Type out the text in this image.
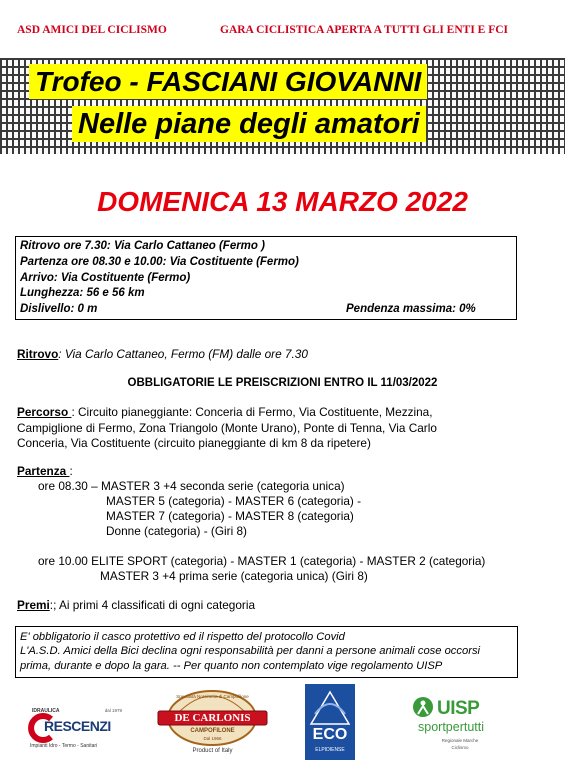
ASD AMICI DEL CICLISMO	GARA CICLISTICA APERTA A TUTTI GLI ENTI E FCI
Trofeo - FASCIANI GIOVANNI
Nelle piane degli amatori
DOMENICA 13 MARZO 2022
Ritrovo ore 7.30: Via Carlo Cattaneo (Fermo )
Partenza ore 08.30 e 10.00: Via Costituente (Fermo)
Arrivo: Via Costituente (Fermo)
Lunghezza: 56 e 56 km
Dislivello: 0 m	Pendenza massima: 0%
Ritrovo: Via Carlo Cattaneo, Fermo (FM) dalle ore 7.30
OBBLIGATORIE LE PREISCRIZIONI ENTRO IL 11/03/2022
Percorso : Circuito pianeggiante: Conceria di Fermo, Via Costituente, Mezzina,
Campiglione di Fermo, Zona Triangolo (Monte Urano), Ponte di Tenna, Via Carlo
Conceria, Via Costituente (circuito pianeggiante di km 8 da ripetere)
Partenza :
ore 08.30 – MASTER 3 +4 seconda serie (categoria unica)
MASTER 5 (categoria) - MASTER 6 (categoria) -
MASTER 7 (categoria) - MASTER 8 (categoria)
Donne (categoria) - (Giri 8)
ore 10.00 ELITE SPORT (categoria) - MASTER 1 (categoria) - MASTER 2 (categoria)
MASTER 3 +4 prima serie (categoria unica) (Giri 8)
Premi:; Ai primi 4 classificati di ogni categoria
E' obbligatorio il casco protettivo ed il rispetto del protocollo Covid
L'A.S.D. Amici della Bici declina ogni responsabilità per danni a persone animali cose occorsi
prima, durante e dopo la gara. -- Per quanto non contemplato vige regolamento UISP
IDRAULICA	dal 1979
RESCENZI
Impianti Idro - Termo - Sanitari
Specialità Norcineria di Campofilone
DE CARLONIS
CAMPOFILONE
Dal 1966
Product of Italy
ECO
ELPIDIENSE
UISP
sportpertutti
Regionale Marche
Ciclismo
